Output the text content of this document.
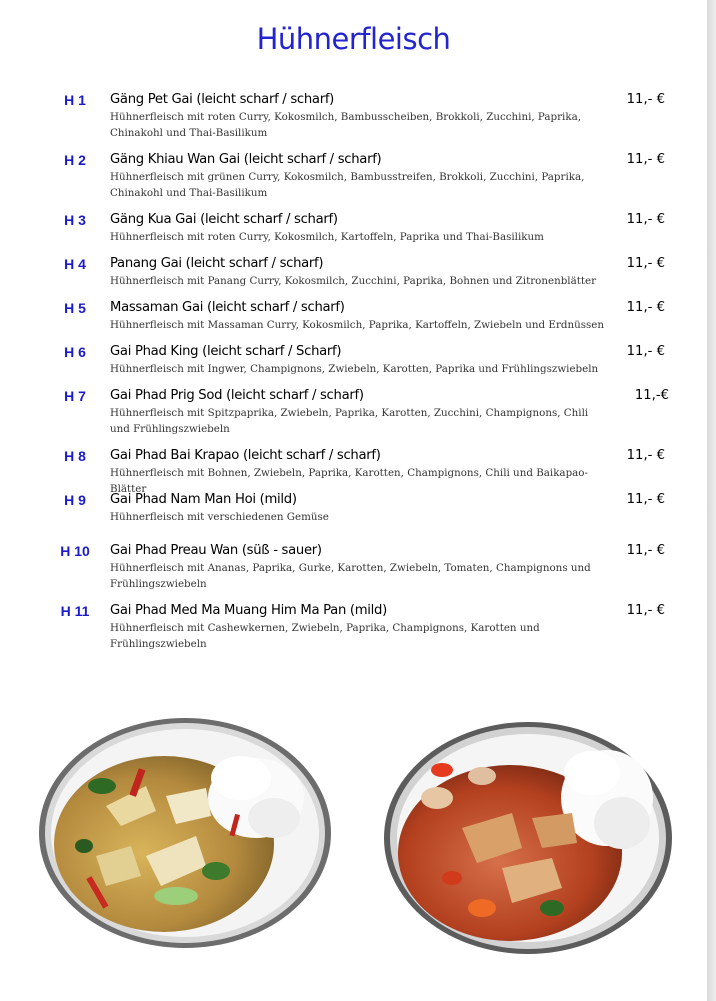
Hühnerfleisch
H 1	Gäng Pet Gai (leicht scharf / scharf)	11,- €
Hühnerfleisch mit roten Curry, Kokosmilch, Bambusscheiben, Brokkoli, Zucchini, Paprika, Chinakohl und Thai-Basilikum
H 2	Gäng Khiau Wan Gai (leicht scharf / scharf)	11,- €
Hühnerfleisch mit grünen Curry, Kokosmilch, Bambusstreifen, Brokkoli, Zucchini, Paprika, Chinakohl und Thai-Basilikum
H 3	Gäng Kua Gai (leicht scharf / scharf)	11,- €
Hühnerfleisch mit roten Curry, Kokosmilch, Kartoffeln, Paprika und Thai-Basilikum
H 4	Panang Gai (leicht scharf / scharf)	11,- €
Hühnerfleisch mit Panang Curry, Kokosmilch, Zucchini, Paprika, Bohnen und Zitronenblätter
H 5	Massaman Gai (leicht scharf / scharf)	11,- €
Hühnerfleisch mit Massaman Curry, Kokosmilch, Paprika, Kartoffeln, Zwiebeln und Erdnüssen
H 6	Gai Phad King (leicht scharf / Scharf)	11,- €
Hühnerfleisch mit Ingwer, Champignons, Zwiebeln, Karotten, Paprika und Frühlingszwiebeln
H 7	Gai Phad Prig Sod (leicht scharf / scharf)	11,-€
Hühnerfleisch mit Spitzpaprika, Zwiebeln, Paprika, Karotten, Zucchini, Champignons, Chili und Frühlingszwiebeln
H 8	Gai Phad Bai Krapao (leicht scharf / scharf)	11,- €
Hühnerfleisch mit Bohnen, Zwiebeln, Paprika, Karotten, Champignons, Chili und Baikapao-Blätter
H 9	Gai Phad Nam Man Hoi (mild)	11,- €
Hühnerfleisch mit verschiedenen Gemüse
H 10	Gai Phad Preau Wan (süß - sauer)	11,- €
Hühnerfleisch mit Ananas, Paprika, Gurke, Karotten, Zwiebeln, Tomaten, Champignons und Frühlingszwiebeln
H 11	Gai Phad Med Ma Muang Him Ma Pan (mild)	11,- €
Hühnerfleisch mit Cashewkernen, Zwiebeln, Paprika, Champignons, Karotten und Frühlingszwiebeln
